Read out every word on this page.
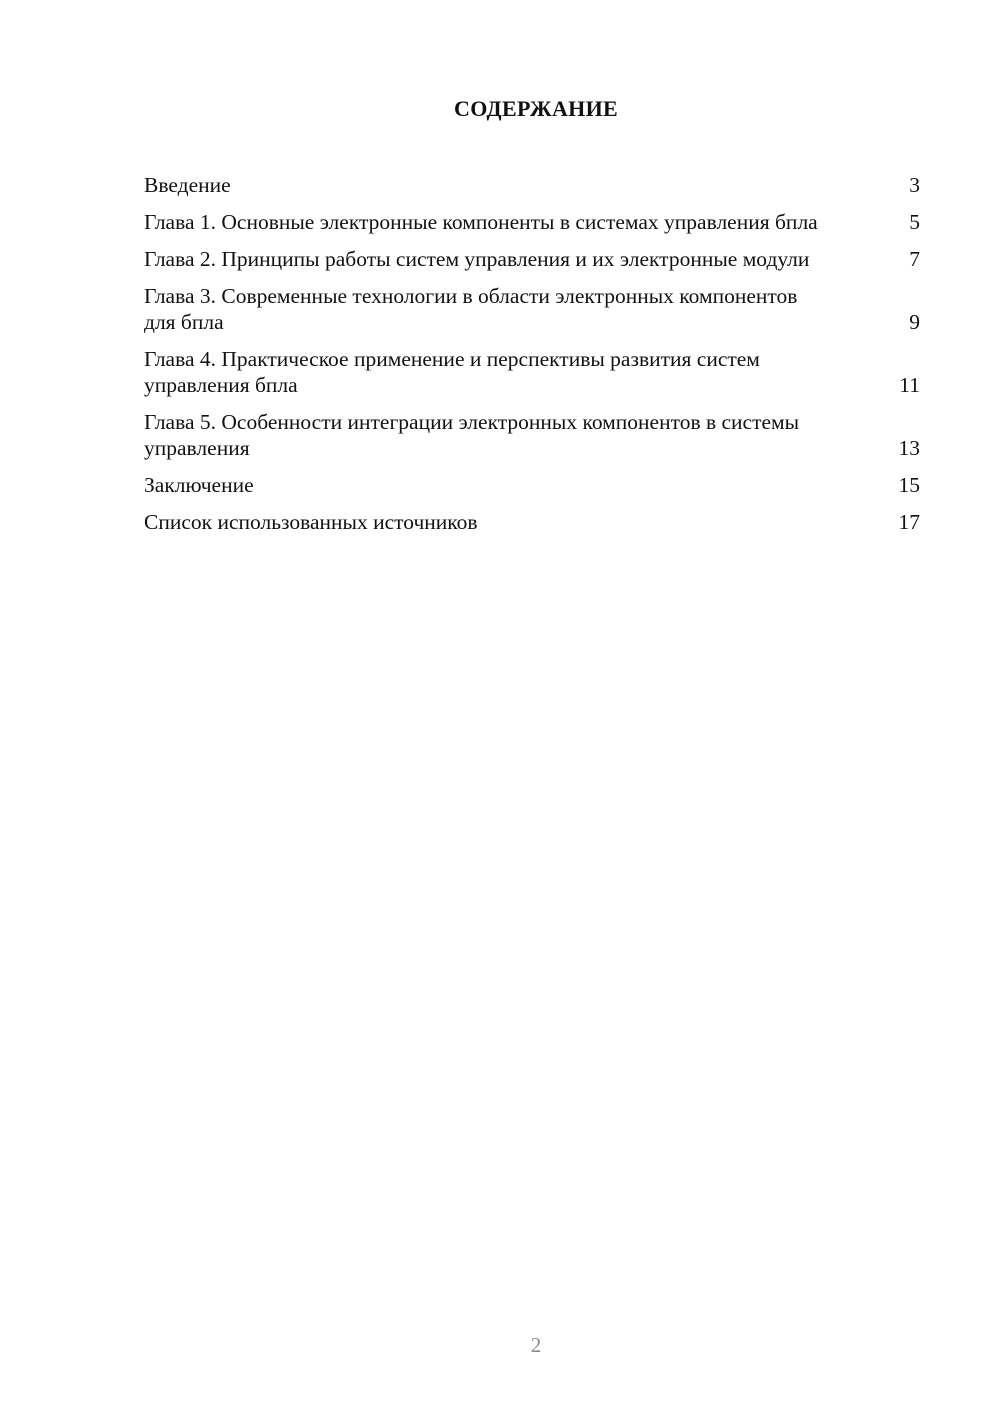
СОДЕРЖАНИЕ
Введение	3
Глава 1. Основные электронные компоненты в системах управления бпла	5
Глава 2. Принципы работы систем управления и их электронные модули	7
Глава 3. Современные технологии в области электронных компонентов для бпла	9
Глава 4. Практическое применение и перспективы развития систем управления бпла	11
Глава 5. Особенности интеграции электронных компонентов в системы управления	13
Заключение	15
Список использованных источников	17
2
